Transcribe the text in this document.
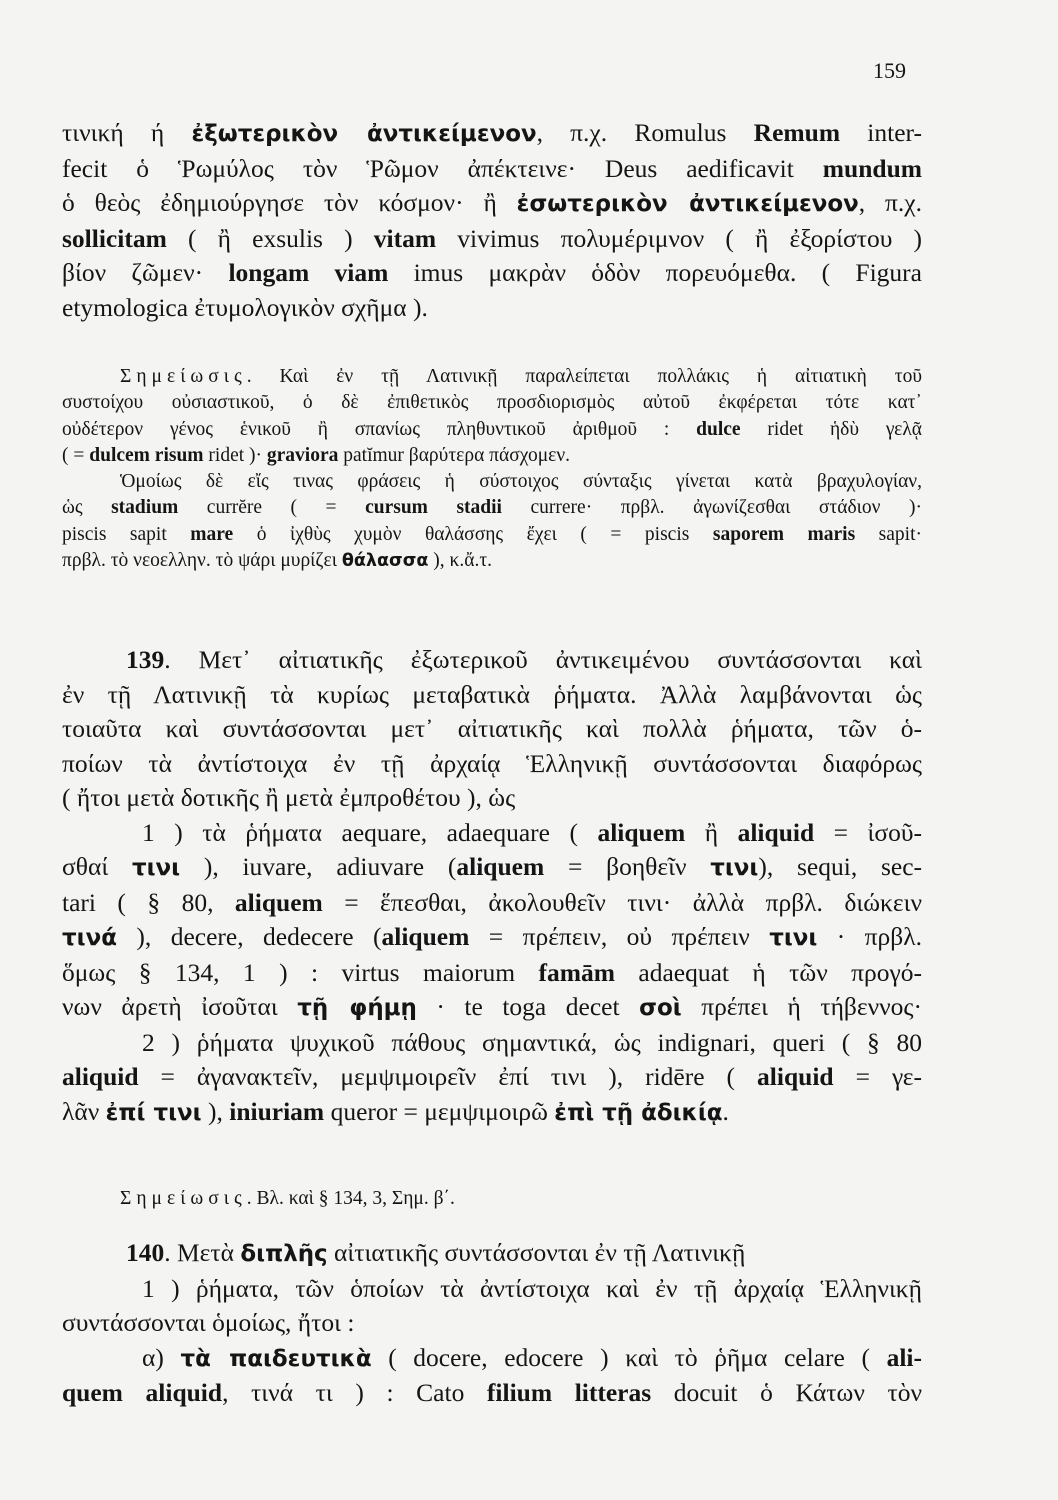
159
τινική ή ἐξωτερικὸν ἀντικείμενον, π.χ. Romulus Remum inter-
fecit ὁ Ῥωμύλος τὸν Ῥῶμον ἀπέκτεινε· Deus aedificavit mundum
ὁ θεὸς ἐδημιούργησε τὸν κόσμον· ἢ ἐσωτερικὸν ἀντικείμενον, π.χ.
sollicitam ( ἢ exsulis ) vitam vivimus πολυμέριμνον ( ἢ ἐξορίστου )
βίον ζῶμεν· longam viam imus μακρὰν ὁδὸν πορευόμεθα. ( Figura
etymologica ἐτυμολογικὸν σχῆμα ).
Σημείωσις. Καὶ ἐν τῇ Λατινικῇ παραλείπεται πολλάκις ἡ αἰτιατικὴ τοῦ
συστοίχου οὐσιαστικοῦ, ὁ δὲ ἐπιθετικὸς προσδιορισμὸς αὐτοῦ ἐκφέρεται τότε κατ᾽
οὐδέτερον γένος ἑνικοῦ ἢ σπανίως πληθυντικοῦ ἀριθμοῦ : dulce ridet ἡδὺ γελᾷ
( = dulcem risum ridet )· graviora patĭmur βαρύτερα πάσχομεν.
Ὁμοίως δὲ εἴς τινας φράσεις ἡ σύστοιχος σύνταξις γίνεται κατὰ βραχυλογίαν,
ὡς stadium currĕre ( = cursum stadii currere· πρβλ. ἀγωνίζεσθαι στάδιον )·
piscis sapit mare ὁ ἰχθὺς χυμὸν θαλάσσης ἔχει ( = piscis saporem maris sapit·
πρβλ. τὸ νεοελλην. τὸ ψάρι μυρίζει θάλασσα ), κ.ἄ.τ.
139. Μετ᾽ αἰτιατικῆς ἐξωτερικοῦ ἀντικειμένου συντάσσονται καὶ
ἐν τῇ Λατινικῇ τὰ κυρίως μεταβατικὰ ῥήματα. Ἀλλὰ λαμβάνονται ὡς
τοιαῦτα καὶ συντάσσονται μετ᾽ αἰτιατικῆς καὶ πολλὰ ῥήματα, τῶν ὁ-
ποίων τὰ ἀντίστοιχα ἐν τῇ ἀρχαίᾳ Ἑλληνικῇ συντάσσονται διαφόρως
( ἤτοι μετὰ δοτικῆς ἢ μετὰ ἐμπροθέτου ), ὡς
1 ) τὰ ῥήματα aequare, adaequare ( aliquem ἢ aliquid = ἰσοῦ-
σθαί τινι ), iuvare, adiuvare (aliquem = βοηθεῖν τινι), sequi, sec-
tari ( § 80, aliquem = ἕπεσθαι, ἀκολουθεῖν τινι· ἀλλὰ πρβλ. διώκειν
τινά ), decere, dedecere (aliquem = πρέπειν, οὐ πρέπειν τινι · πρβλ.
ὅμως § 134, 1 ) : virtus maiorum famām adaequat ἡ τῶν προγό-
νων ἀρετὴ ἰσοῦται τῇ φήμῃ · te toga decet σοὶ πρέπει ἡ τήβεννος·
2 ) ῥήματα ψυχικοῦ πάθους σημαντικά, ὡς indignari, queri ( § 80
aliquid = ἀγανακτεῖν, μεμψιμοιρεῖν ἐπί τινι ), ridēre ( aliquid = γε-
λᾶν ἐπί τινι ), iniuriam queror = μεμψιμοιρῶ ἐπὶ τῇ ἀδικίᾳ.
Σημείωσις. Βλ. καὶ § 134, 3, Σημ. β΄.
140. Μετὰ διπλῆς αἰτιατικῆς συντάσσονται ἐν τῇ Λατινικῇ
1 ) ῥήματα, τῶν ὁποίων τὰ ἀντίστοιχα καὶ ἐν τῇ ἀρχαίᾳ Ἑλληνικῇ
συντάσσονται ὁμοίως, ἤτοι :
α) τὰ παιδευτικὰ ( docere, edocere ) καὶ τὸ ῥῆμα celare ( ali-
quem aliquid, τινά τι ) : Cato filium litteras docuit ὁ Κάτων τὸν
